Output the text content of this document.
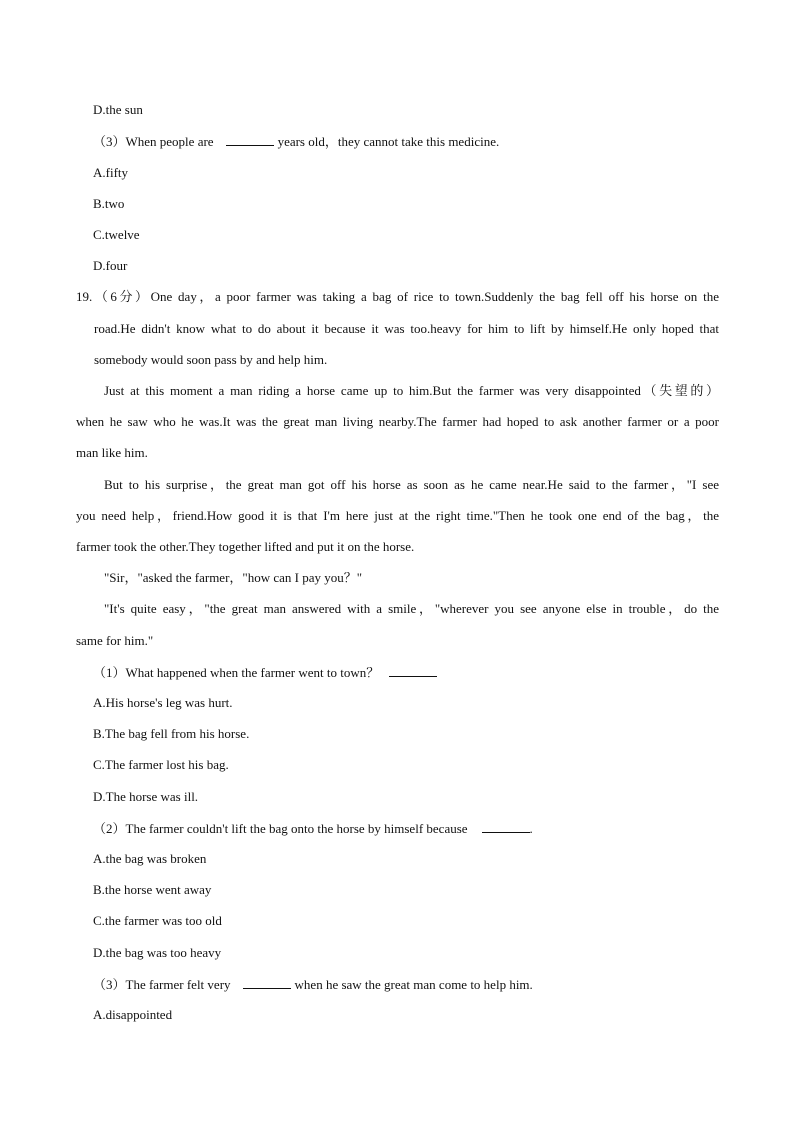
D.the sun
（3）When people are	years old，they cannot take this medicine.
A.fifty
B.two
C.twelve
D.four
19.（6分）One day，a poor farmer was taking a bag of rice to town.Suddenly the bag fell off his horse on the
road.He didn't know what to do about it because it was too.heavy for him to lift by himself.He only hoped that
somebody would soon pass by and help him.
Just at this moment a man riding a horse came up to him.But the farmer was very disappointed（失望的）
when he saw who he was.It was the great man living nearby.The farmer had hoped to ask another farmer or a poor
man like him.
But to his surprise，the great man got off his horse as soon as he came near.He said to the farmer，"I see
you need help，friend.How good it is that I'm here just at the right time."Then he took one end of the bag，the
farmer took the other.They together lifted and put it on the horse.
"Sir，"asked the farmer，"how can I pay you？"
"It's quite easy，"the great man answered with a smile，"wherever you see anyone else in trouble，do the
same for him."
（1）What happened when the farmer went to town？
A.His horse's leg was hurt.
B.The bag fell from his horse.
C.The farmer lost his bag.
D.The horse was ill.
（2）The farmer couldn't lift the bag onto the horse by himself because	.
A.the bag was broken
B.the horse went away
C.the farmer was too old
D.the bag was too heavy
（3）The farmer felt very	when he saw the great man come to help him.
A.disappointed
